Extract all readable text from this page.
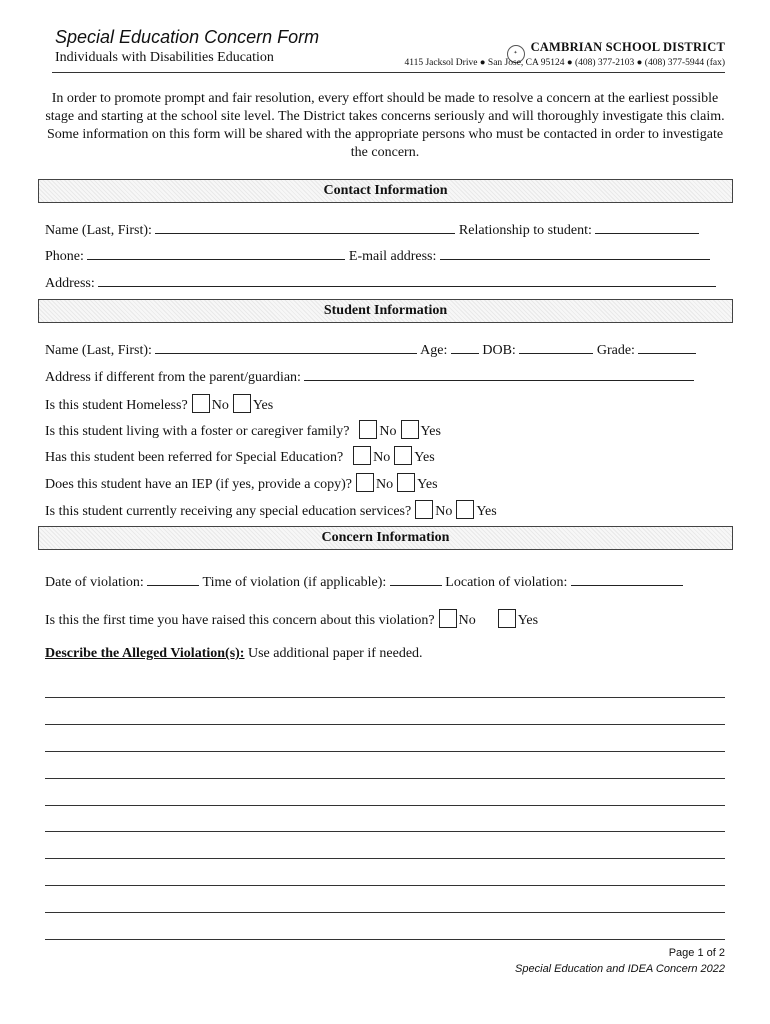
Special Education Concern Form
Individuals with Disabilities Education	✦ CAMBRIAN SCHOOL DISTRICT
4115 Jacksol Drive ● San Jose, CA 95124 ● (408) 377-2103 ● (408) 377-5944 (fax)
In order to promote prompt and fair resolution, every effort should be made to resolve a concern at the earliest possible stage and starting at the school site level. The District takes concerns seriously and will thoroughly investigate this claim. Some information on this form will be shared with the appropriate persons who must be contacted in order to investigate the concern.
Contact Information
Name (Last, First):	Relationship to student:
Phone:	E-mail address:
Address:
Student Information
Name (Last, First):	Age:	DOB:	Grade:
Address if different from the parent/guardian:
Is this student Homeless? No Yes
Is this student living with a foster or caregiver family? No Yes
Has this student been referred for Special Education? No Yes
Does this student have an IEP (if yes, provide a copy)? No Yes
Is this student currently receiving any special education services? No Yes
Concern Information
Date of violation:	Time of violation (if applicable):	Location of violation:
Is this the first time you have raised this concern about this violation? No	Yes
Describe the Alleged Violation(s): Use additional paper if needed.
Page 1 of 2
Special Education and IDEA Concern 2022
